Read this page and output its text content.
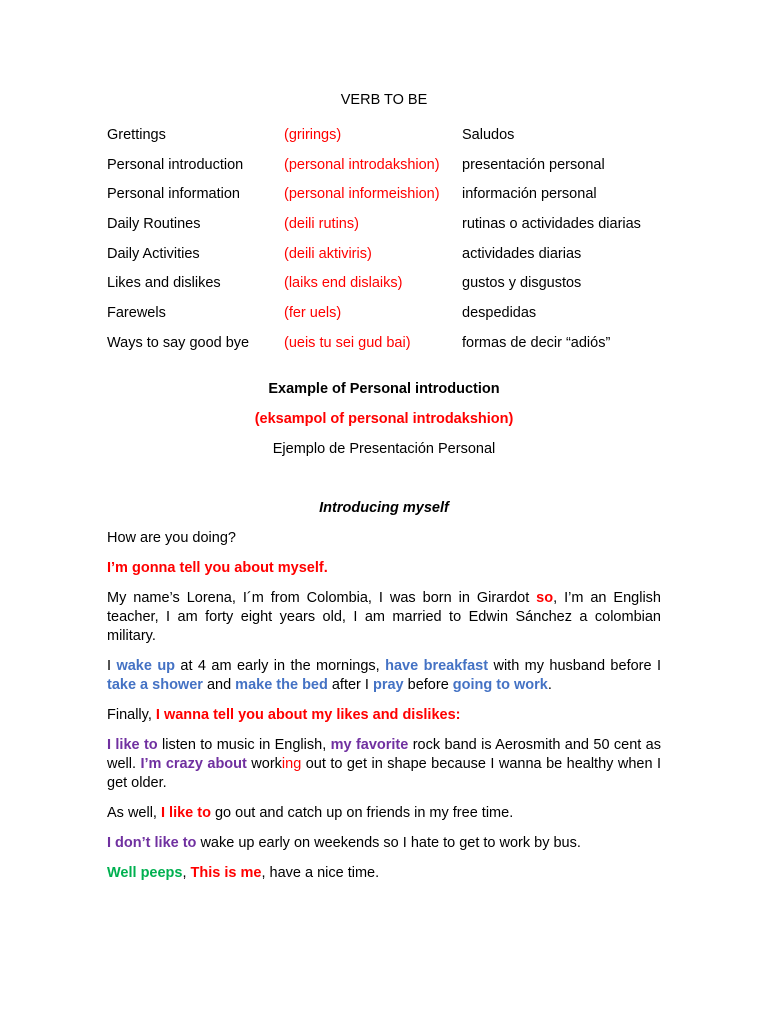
VERB TO BE

Grettings	(grirings)	Saludos
Personal introduction	(personal introdakshion)	presentación personal
Personal information	(personal informeishion)	información personal
Daily Routines	(deili rutins)	rutinas o actividades diarias
Daily Activities	(deili aktiviris)	actividades diarias
Likes and dislikes	(laiks end dislaiks)	gustos y disgustos
Farewels	(fer uels)	despedidas
Ways to say good bye	(ueis tu sei gud bai)	formas de decir “adiós”

Example of Personal introduction

(eksampol of personal introdakshion)

Ejemplo de Presentación Personal

Introducing myself

How are you doing?

I’m gonna tell you about myself.

My name’s Lorena, I´m from Colombia, I was born in Girardot so, I’m an English teacher, I am forty eight years old, I am married to Edwin Sánchez a colombian military.

I wake up at 4 am early in the mornings, have breakfast with my husband before I take a shower and make the bed after I pray before going to work.

Finally, I wanna tell you about my likes and dislikes:

I like to listen to music in English, my favorite rock band is Aerosmith and 50 cent as well. I’m crazy about working out to get in shape because I wanna be healthy when I get older.

As well, I like to go out and catch up on friends in my free time.

I don’t like to wake up early on weekends so I hate to get to work by bus.

Well peeps, This is me, have a nice time.
